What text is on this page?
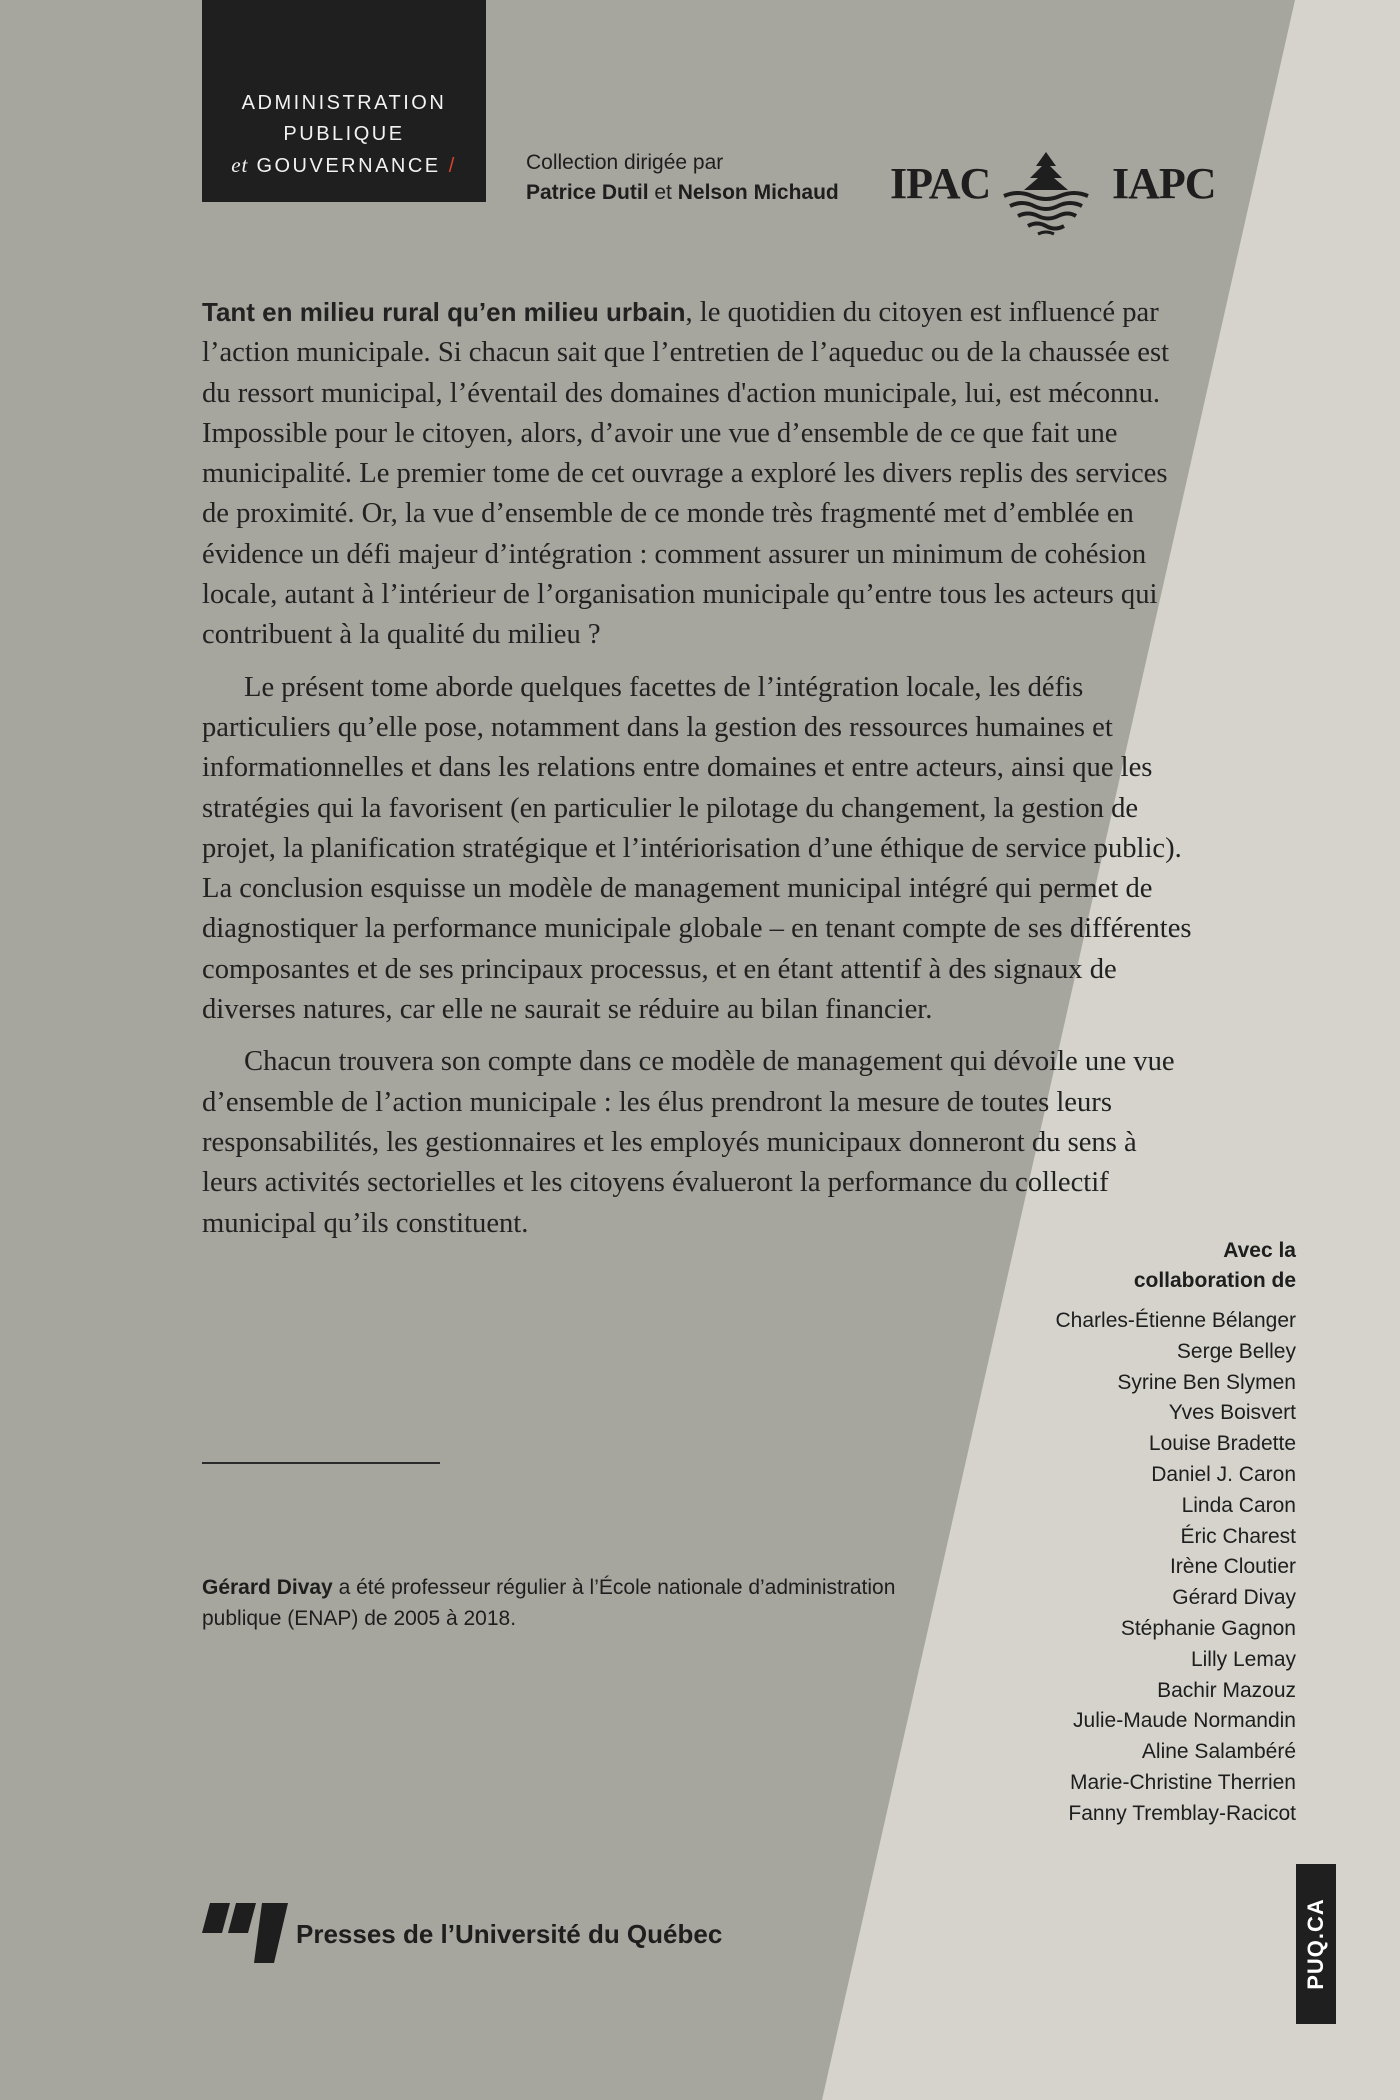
ADMINISTRATION
PUBLIQUE
et GOUVERNANCE /	Collection dirigée par
Patrice Dutil et Nelson Michaud IPAC	IAPC

Tant en milieu rural qu’en milieu urbain, le quotidien du citoyen est influencé par l’action municipale. Si chacun sait que l’entretien de l’aqueduc ou de la chaussée est du ressort municipal, l’éventail des domaines d'action municipale, lui, est méconnu. Impossible pour le citoyen, alors, d’avoir une vue d’ensemble de ce que fait une municipalité. Le premier tome de cet ouvrage a exploré les divers replis des services de proximité. Or, la vue d’ensemble de ce monde très fragmenté met d’emblée en évidence un défi majeur d’intégration : comment assurer un minimum de cohésion locale, autant à l’intérieur de l’organisation municipale qu’entre tous les acteurs qui contribuent à la qualité du milieu ?

Le présent tome aborde quelques facettes de l’intégration locale, les défis particuliers qu’elle pose, notamment dans la gestion des ressources humaines et informationnelles et dans les relations entre domaines et entre acteurs, ainsi que les stratégies qui la favorisent (en particulier le pilotage du changement, la gestion de projet, la planification stratégique et l’intériorisation d’une éthique de service public). La conclusion esquisse un modèle de management municipal intégré qui permet de diagnostiquer la performance municipale globale – en tenant compte de ses différentes composantes et de ses principaux processus, et en étant attentif à des signaux de diverses natures, car elle ne saurait se réduire au bilan financier.

Chacun trouvera son compte dans ce modèle de management qui dévoile une vue d’ensemble de l’action municipale : les élus prendront la mesure de toutes leurs responsabilités, les gestionnaires et les employés municipaux donneront du sens à leurs activités sectorielles et les citoyens évalueront la performance du collectif municipal qu’ils constituent.

Gérard Divay a été professeur régulier à l’École nationale d’administration publique (ENAP) de 2005 à 2018.
Avec la
collaboration de
Charles-Étienne Bélanger
Serge Belley
Syrine Ben Slymen
Yves Boisvert
Louise Bradette
Daniel J. Caron
Linda Caron
Éric Charest
Irène Cloutier
Gérard Divay
Stéphanie Gagnon
Lilly Lemay
Bachir Mazouz
Julie-Maude Normandin
Aline Salambéré
Marie-Christine Therrien
Fanny Tremblay-Racicot
Presses de l’Université du Québec	PUQ.CA
